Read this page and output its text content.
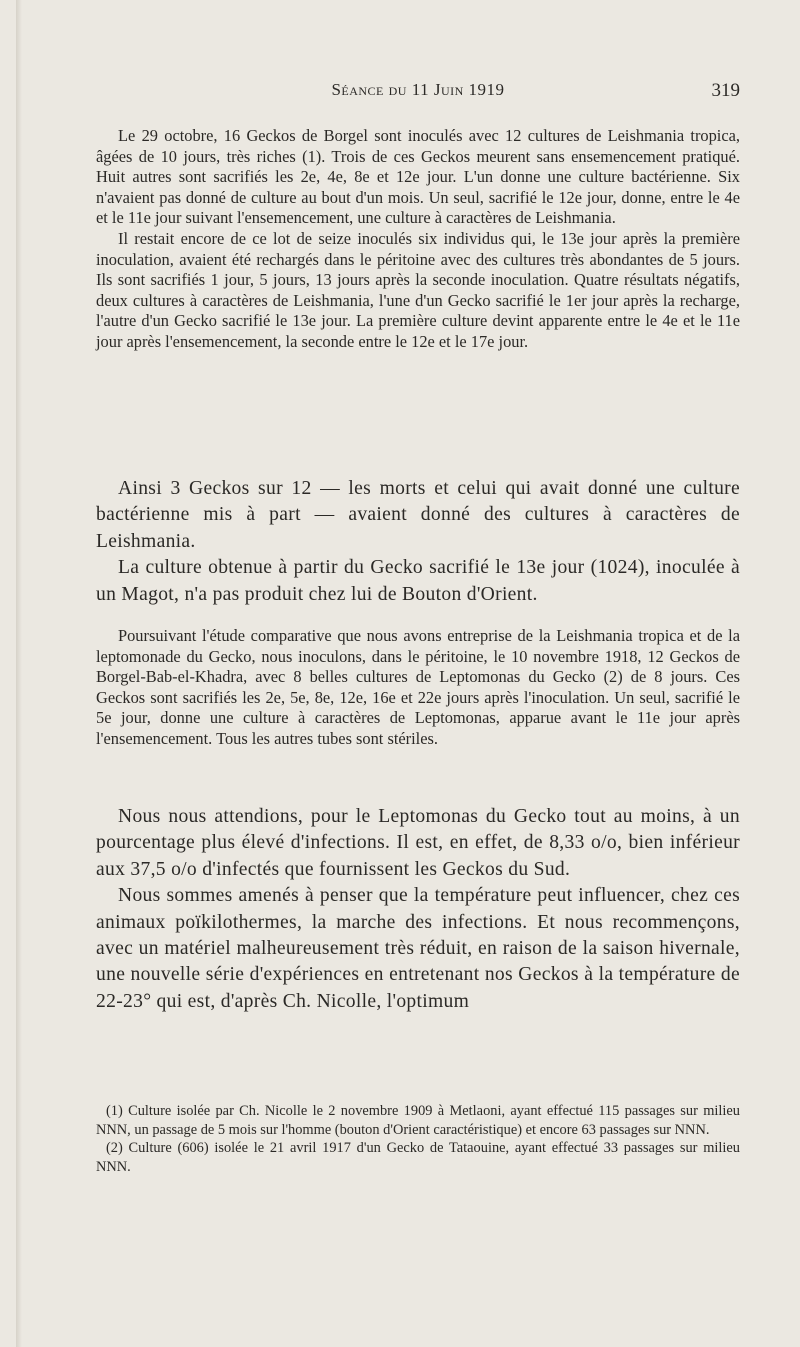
Séance du 11 Juin 1919	319

Le 29 octobre, 16 Geckos de Borgel sont inoculés avec 12 cultures de Leishmania tropica, âgées de 10 jours, très riches (1). Trois de ces Geckos meurent sans ensemencement pratiqué. Huit autres sont sacrifiés les 2e, 4e, 8e et 12e jour. L'un donne une culture bactérienne. Six n'avaient pas donné de culture au bout d'un mois. Un seul, sacrifié le 12e jour, donne, entre le 4e et le 11e jour suivant l'ensemencement, une culture à caractères de Leishmania.

Il restait encore de ce lot de seize inoculés six individus qui, le 13e jour après la première inoculation, avaient été rechargés dans le péritoine avec des cultures très abondantes de 5 jours. Ils sont sacrifiés 1 jour, 5 jours, 13 jours après la seconde inoculation. Quatre résultats négatifs, deux cultures à caractères de Leishmania, l'une d'un Gecko sacrifié le 1er jour après la recharge, l'autre d'un Gecko sacrifié le 13e jour. La première culture devint apparente entre le 4e et le 11e jour après l'ensemencement, la seconde entre le 12e et le 17e jour.

Ainsi 3 Geckos sur 12 — les morts et celui qui avait donné une culture bactérienne mis à part — avaient donné des cultures à caractères de Leishmania.

La culture obtenue à partir du Gecko sacrifié le 13e jour (1024), inoculée à un Magot, n'a pas produit chez lui de Bouton d'Orient.

Poursuivant l'étude comparative que nous avons entreprise de la Leishmania tropica et de la leptomonade du Gecko, nous inoculons, dans le péritoine, le 10 novembre 1918, 12 Geckos de Borgel-Bab-el-Khadra, avec 8 belles cultures de Leptomonas du Gecko (2) de 8 jours. Ces Geckos sont sacrifiés les 2e, 5e, 8e, 12e, 16e et 22e jours après l'inoculation. Un seul, sacrifié le 5e jour, donne une culture à caractères de Leptomonas, apparue avant le 11e jour après l'ensemencement. Tous les autres tubes sont stériles.

Nous nous attendions, pour le Leptomonas du Gecko tout au moins, à un pourcentage plus élevé d'infections. Il est, en effet, de 8,33 o/o, bien inférieur aux 37,5 o/o d'infectés que fournissent les Geckos du Sud.

Nous sommes amenés à penser que la température peut influencer, chez ces animaux poïkilothermes, la marche des infections. Et nous recommençons, avec un matériel malheureusement très réduit, en raison de la saison hivernale, une nouvelle série d'expériences en entretenant nos Geckos à la température de 22-23° qui est, d'après Ch. Nicolle, l'optimum

(1) Culture isolée par Ch. Nicolle le 2 novembre 1909 à Metlaoni, ayant effectué 115 passages sur milieu NNN, un passage de 5 mois sur l'homme (bouton d'Orient caractéristique) et encore 63 passages sur NNN.

(2) Culture (606) isolée le 21 avril 1917 d'un Gecko de Tataouine, ayant effectué 33 passages sur milieu NNN.
